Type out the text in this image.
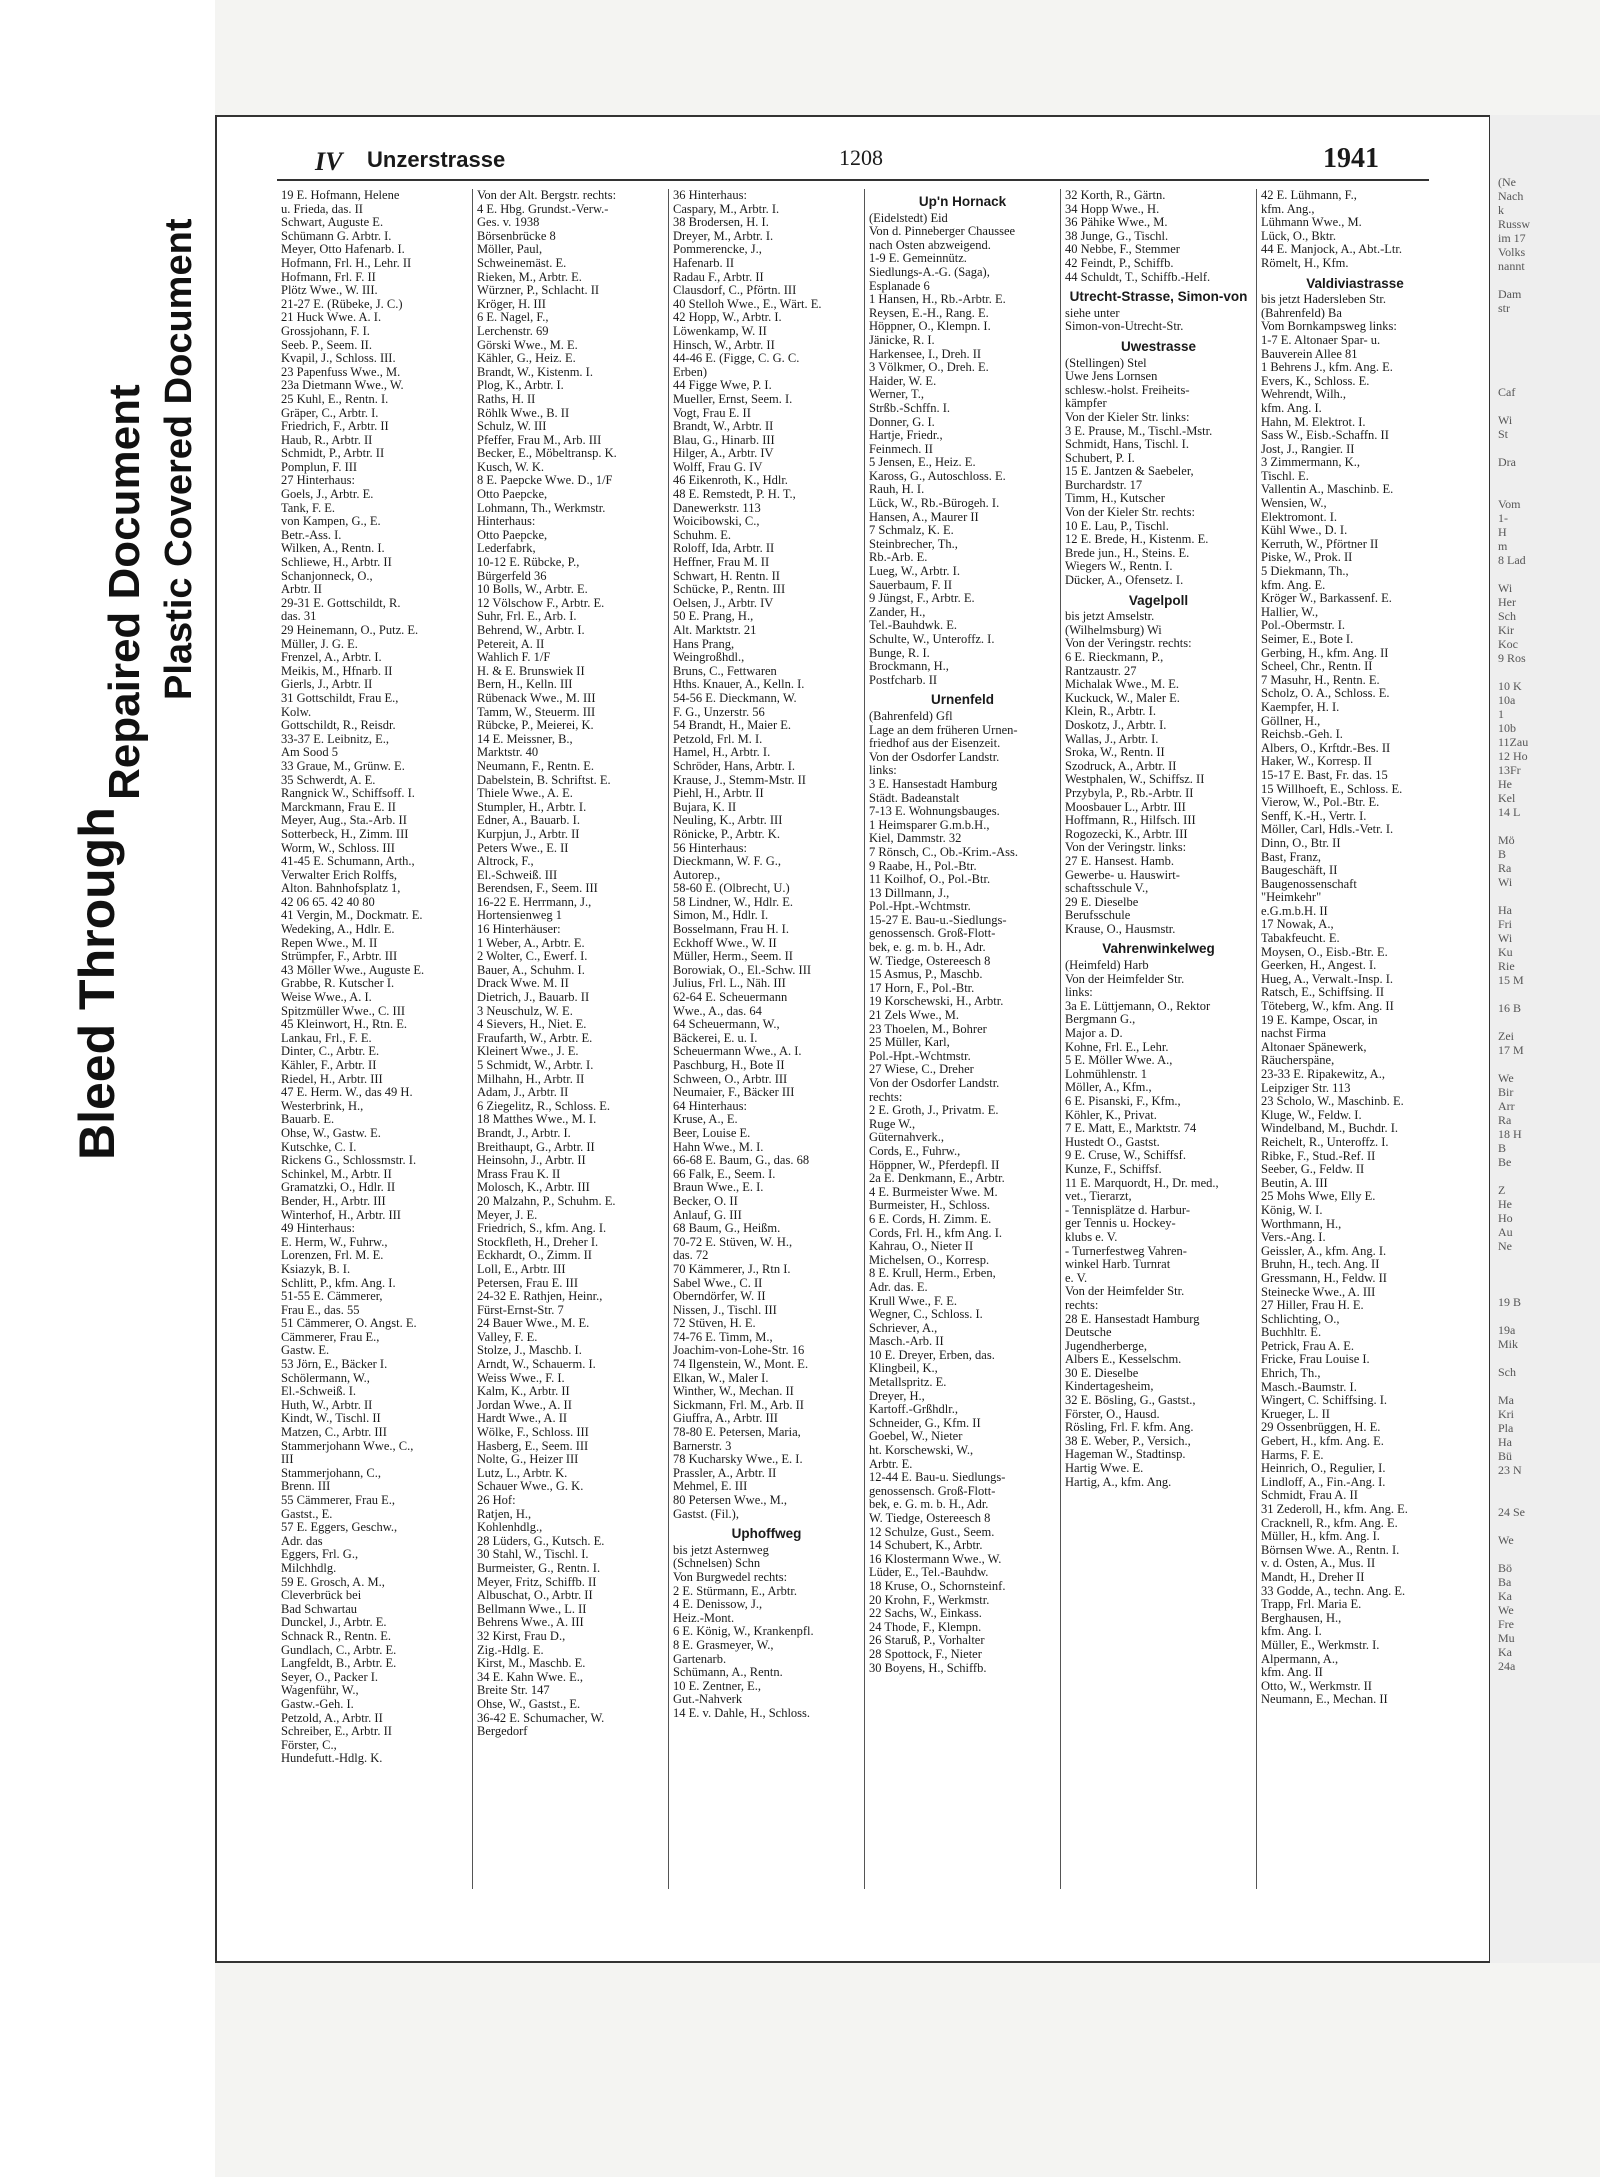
Bleed Through
Repaired Document Plastic Covered Document
IV Unzerstrasse	1208	1941
19 E. Hofmann, Helene
u. Frieda, das. II
Schwart, Auguste E.
Schümann G. Arbtr. I.
Meyer, Otto Hafenarb. I.
Hofmann, Frl. H., Lehr. II
Hofmann, Frl. F. II
Plötz Wwe., W. III.
21-27 E. (Rübeke, J. C.)
21 Huck Wwe. A. I.
Grossjohann, F. I.
Seeb. P., Seem. II.
Kvapil, J., Schloss. III.
23 Papenfuss Wwe., M.
23a Dietmann Wwe., W.
25 Kuhl, E., Rentn. I.
Gräper, C., Arbtr. I.
Friedrich, F., Arbtr. II
Haub, R., Arbtr. II
Schmidt, P., Arbtr. II
Pomplun, F. III
27 Hinterhaus:
Goels, J., Arbtr. E.
Tank, F. E.
von Kampen, G., E.
Betr.-Ass. I.
Wilken, A., Rentn. I.
Schliewe, H., Arbtr. II
Schanjonneck, O.,
Arbtr. II
29-31 E. Gottschildt, R.
das. 31
29 Heinemann, O., Putz. E.
Müller, J. G. E.
Frenzel, A., Arbtr. I.
Meikis, M., Hfnarb. II
Gierls, J., Arbtr. II
31 Gottschildt, Frau E.,
Kolw.
Gottschildt, R., Reisdr.
33-37 E. Leibnitz, E.,
Am Sood 5
33 Graue, M., Grünw. E.
35 Schwerdt, A. E.
Rangnick W., Schiffsoff. I.
Marckmann, Frau E. II
Meyer, Aug., Sta.-Arb. II
Sotterbeck, H., Zimm. III
Worm, W., Schloss. III
41-45 E. Schumann, Arth.,
Verwalter Erich Rolffs,
Alton. Bahnhofsplatz 1,
42 06 65. 42 40 80
41 Vergin, M., Dockmatr. E.
Wedeking, A., Hdlr. E.
Repen Wwe., M. II
Strümpfer, F., Arbtr. III
43 Möller Wwe., Auguste E.
Grabbe, R. Kutscher I.
Weise Wwe., A. I.
Spitzmüller Wwe., C. III
45 Kleinwort, H., Rtn. E.
Lankau, Frl., F. E.
Dinter, C., Arbtr. E.
Kähler, F., Arbtr. II
Riedel, H., Arbtr. III
47 E. Herm. W., das 49 H.
Westerbrink, H.,
Bauarb. E.
Ohse, W., Gastw. E.
Kutschke, C. I.
Rickens G., Schlossmstr. I.
Schinkel, M., Arbtr. II
Gramatzki, O., Hdlr. II
Bender, H., Arbtr. III
Winterhof, H., Arbtr. III
49 Hinterhaus:
E. Herm, W., Fuhrw.,
Lorenzen, Frl. M. E.
Ksiazyk, B. I.
Schlitt, P., kfm. Ang. I.
51-55 E. Cämmerer,
Frau E., das. 55
51 Cämmerer, O. Angst. E.
Cämmerer, Frau E.,
Gastw. E.
53 Jörn, E., Bäcker I.
Schölermann, W.,
El.-Schweiß. I.
Huth, W., Arbtr. II
Kindt, W., Tischl. II
Matzen, C., Arbtr. III
Stammerjohann Wwe., C.,
III
Stammerjohann, C.,
Brenn. III
55 Cämmerer, Frau E.,
Gastst., E.
57 E. Eggers, Geschw.,
Adr. das
Eggers, Frl. G.,
Milchhdlg.
59 E. Grosch, A. M.,
Cleverbrück bei
Bad Schwartau
Dunckel, J., Arbtr. E.
Schnack R., Rentn. E.
Gundlach, C., Arbtr. E.
Langfeldt, B., Arbtr. E.
Seyer, O., Packer I.
Wagenführ, W.,
Gastw.-Geh. I.
Petzold, A., Arbtr. II
Schreiber, E., Arbtr. II
Förster, C.,
Hundefutt.-Hdlg. K.
Von der Alt. Bergstr. rechts:
4 E. Hbg. Grundst.-Verw.-
Ges. v. 1938
Börsenbrücke 8
Möller, Paul,
Schweinemäst. E.
Rieken, M., Arbtr. E.
Würzner, P., Schlacht. II
Kröger, H. III
6 E. Nagel, F.,
Lerchenstr. 69
Görski Wwe., M. E.
Kähler, G., Heiz. E.
Brandt, W., Kistenm. I.
Plog, K., Arbtr. I.
Raths, H. II
Röhlk Wwe., B. II
Schulz, W. III
Pfeffer, Frau M., Arb. III
Becker, E., Möbeltransp. K.
Kusch, W. K.
8 E. Paepcke Wwe. D., 1/F
Otto Paepcke,
Lohmann, Th., Werkmstr.
Hinterhaus:
Otto Paepcke,
Lederfabrk,
10-12 E. Rübcke, P.,
Bürgerfeld 36
10 Bolls, W., Arbtr. E.
12 Völschow F., Arbtr. E.
Suhr, Frl. E., Arb. I.
Behrend, W., Arbtr. I.
Petereit, A. II
Wahlich F. 1/F
H. & E. Brunswiek II
Bern, H., Kelln. III
Rübenack Wwe., M. III
Tamm, W., Steuerm. III
Rübcke, P., Meierei, K.
14 E. Meissner, B.,
Marktstr. 40
Neumann, F., Rentn. E.
Dabelstein, B. Schriftst. E.
Thiele Wwe., A. E.
Stumpler, H., Arbtr. I.
Edner, A., Bauarb. I.
Kurpjun, J., Arbtr. II
Peters Wwe., E. II
Altrock, F.,
El.-Schweiß. III
Berendsen, F., Seem. III
16-22 E. Herrmann, J.,
Hortensienweg 1
16 Hinterhäuser:
1 Weber, A., Arbtr. E.
2 Wolter, C., Ewerf. I.
Bauer, A., Schuhm. I.
Drack Wwe. M. II
Dietrich, J., Bauarb. II
3 Neuschulz, W. E.
4 Sievers, H., Niet. E.
Fraufarth, W., Arbtr. E.
Kleinert Wwe., J. E.
5 Schmidt, W., Arbtr. I.
Milhahn, H., Arbtr. II
Adam, J., Arbtr. II
6 Ziegelitz, R., Schloss. E.
18 Matthes Wwe., M. I.
Brandt, J., Arbtr. I.
Breithaupt, G., Arbtr. II
Heinsohn, J., Arbtr. II
Mrass Frau K. II
Molosch, K., Arbtr. III
20 Malzahn, P., Schuhm. E.
Meyer, J. E.
Friedrich, S., kfm. Ang. I.
Stockfleth, H., Dreher I.
Eckhardt, O., Zimm. II
Loll, E., Arbtr. III
Petersen, Frau E. III
24-32 E. Rathjen, Heinr.,
Fürst-Ernst-Str. 7
24 Bauer Wwe., M. E.
Valley, F. E.
Stolze, J., Maschb. I.
Arndt, W., Schauerm. I.
Weiss Wwe., F. I.
Kalm, K., Arbtr. II
Jordan Wwe., A. II
Hardt Wwe., A. II
Wölke, F., Schloss. III
Hasberg, E., Seem. III
Nolte, G., Heizer III
Lutz, L., Arbtr. K.
Schauer Wwe., G. K.
26 Hof:
Ratjen, H.,
Kohlenhdlg.,
28 Lüders, G., Kutsch. E.
30 Stahl, W., Tischl. I.
Burmeister, G., Rentn. I.
Meyer, Fritz, Schiffb. II
Albuschat, O., Arbtr. II
Bellmann Wwe., L. II
Behrens Wwe., A. III
32 Kirst, Frau D.,
Zig.-Hdlg. E.
Kirst, M., Maschb. E.
34 E. Kahn Wwe. E.,
Breite Str. 147
Ohse, W., Gastst., E.
36-42 E. Schumacher, W.
Bergedorf
36 Hinterhaus:
Caspary, M., Arbtr. I.
38 Brodersen, H. I.
Dreyer, M., Arbtr. I.
Pommerencke, J.,
Hafenarb. II
Radau F., Arbtr. II
Clausdorf, C., Pförtn. III
40 Stelloh Wwe., E., Wärt. E.
42 Hopp, W., Arbtr. I.
Löwenkamp, W. II
Hinsch, W., Arbtr. II
44-46 E. (Figge, C. G. C.
Erben)
44 Figge Wwe, P. I.
Mueller, Ernst, Seem. I.
Vogt, Frau E. II
Brandt, W., Arbtr. II
Blau, G., Hinarb. III
Hilger, A., Arbtr. IV
Wolff, Frau G. IV
46 Eikenroth, K., Hdlr.
48 E. Remstedt, P. H. T.,
Danewerkstr. 113
Woicibowski, C.,
Schuhm. E.
Roloff, Ida, Arbtr. II
Heffner, Frau M. II
Schwart, H. Rentn. II
Schücke, P., Rentn. III
Oelsen, J., Arbtr. IV
50 E. Prang, H.,
Alt. Marktstr. 21
Hans Prang,
Weingroßhdl.,
Bruns, C., Fettwaren
Hths. Knauer, A., Kelln. I.
54-56 E. Dieckmann, W.
F. G., Unzerstr. 56
54 Brandt, H., Maier E.
Petzold, Frl. M. I.
Hamel, H., Arbtr. I.
Schröder, Hans, Arbtr. I.
Krause, J., Stemm-Mstr. II
Piehl, H., Arbtr. II
Bujara, K. II
Neuling, K., Arbtr. III
Rönicke, P., Arbtr. K.
56 Hinterhaus:
Dieckmann, W. F. G.,
Autorep.,
58-60 E. (Olbrecht, U.)
58 Lindner, W., Hdlr. E.
Simon, M., Hdlr. I.
Bosselmann, Frau H. I.
Eckhoff Wwe., W. II
Müller, Herm., Seem. II
Borowiak, O., El.-Schw. III
Julius, Frl. L., Näh. III
62-64 E. Scheuermann
Wwe., A., das. 64
64 Scheuermann, W.,
Bäckerei, E. u. I.
Scheuermann Wwe., A. I.
Paschburg, H., Bote II
Schween, O., Arbtr. III
Neumaier, F., Bäcker III
64 Hinterhaus:
Kruse, A., E.
Beer, Louise E.
Hahn Wwe., M. I.
66-68 E. Baum, G., das. 68
66 Falk, E., Seem. I.
Braun Wwe., E. I.
Becker, O. II
Anlauf, G. III
68 Baum, G., Heißm.
70-72 E. Stüven, W. H.,
das. 72
70 Kämmerer, J., Rtn I.
Sabel Wwe., C. II
Oberndörfer, W. II
Nissen, J., Tischl. III
72 Stüven, H. E.
74-76 E. Timm, M.,
Joachim-von-Lohe-Str. 16
74 Ilgenstein, W., Mont. E.
Elkan, W., Maler I.
Winther, W., Mechan. II
Sickmann, Frl. M., Arb. II
Giuffra, A., Arbtr. III
78-80 E. Petersen, Maria,
Barnerstr. 3
78 Kucharsky Wwe., E. I.
Prassler, A., Arbtr. II
Mehmel, E. III
80 Petersen Wwe., M.,
Gastst. (Fil.),
Uphoffweg
bis jetzt Asternweg
(Schnelsen) Schn
Von Burgwedel rechts:
2 E. Stürmann, E., Arbtr.
4 E. Denissow, J.,
Heiz.-Mont.
6 E. König, W., Krankenpfl.
8 E. Grasmeyer, W.,
Gartenarb.
Schümann, A., Rentn.
10 E. Zentner, E.,
Gut.-Nahverk
14 E. v. Dahle, H., Schloss.
Up'n Hornack
(Eidelstedt) Eid
Von d. Pinneberger Chaussee
nach Osten abzweigend.
1-9 E. Gemeinnütz.
Siedlungs-A.-G. (Saga),
Esplanade 6
1 Hansen, H., Rb.-Arbtr. E.
Reysen, E.-H., Rang. E.
Höppner, O., Klempn. I.
Jänicke, R. I.
Harkensee, I., Dreh. II
3 Völkmer, O., Dreh. E.
Haider, W. E.
Werner, T.,
Strßb.-Schffn. I.
Donner, G. I.
Hartje, Friedr.,
Feinmech. II
5 Jensen, E., Heiz. E.
Kaross, G., Autoschloss. E.
Rauh, H. I.
Lück, W., Rb.-Bürogeh. I.
Hansen, A., Maurer II
7 Schmalz, K. E.
Steinbrecher, Th.,
Rb.-Arb. E.
Lueg, W., Arbtr. I.
Sauerbaum, F. II
9 Jüngst, F., Arbtr. E.
Zander, H.,
Tel.-Bauhdwk. E.
Schulte, W., Unteroffz. I.
Bunge, R. I.
Brockmann, H.,
Postfcharb. II
Urnenfeld
(Bahrenfeld) Gfl
Lage an dem früheren Urnen-
friedhof aus der Eisenzeit.
Von der Osdorfer Landstr.
links:
3 E. Hansestadt Hamburg
Städt. Badeanstalt
7-13 E. Wohnungsbauges.
1 Heimsparer G.m.b.H.,
Kiel, Dammstr. 32
7 Rönsch, C., Ob.-Krim.-Ass.
9 Raabe, H., Pol.-Btr.
11 Koilhof, O., Pol.-Btr.
13 Dillmann, J.,
Pol.-Hpt.-Wchtmstr.
15-27 E. Bau-u.-Siedlungs-
genossensch. Groß-Flott-
bek, e. g. m. b. H., Adr.
W. Tiedge, Ostereesch 8
15 Asmus, P., Maschb.
17 Horn, F., Pol.-Btr.
19 Korschewski, H., Arbtr.
21 Zels Wwe., M.
23 Thoelen, M., Bohrer
25 Müller, Karl,
Pol.-Hpt.-Wchtmstr.
27 Wiese, C., Dreher
Von der Osdorfer Landstr.
rechts:
2 E. Groth, J., Privatm. E.
Ruge W.,
Güternahverk.,
Cords, E., Fuhrw.,
Höppner, W., Pferdepfl. II
2a E. Denkmann, E., Arbtr.
4 E. Burmeister Wwe. M.
Burmeister, H., Schloss.
6 E. Cords, H. Zimm. E.
Cords, Frl. H., kfm Ang. I.
Kahrau, O., Nieter II
Michelsen, O., Korresp.
8 E. Krull, Herm., Erben,
Adr. das. E.
Krull Wwe., F. E.
Wegner, C., Schloss. I.
Schriever, A.,
Masch.-Arb. II
10 E. Dreyer, Erben, das.
Klingbeil, K.,
Metallspritz. E.
Dreyer, H.,
Kartoff.-Grßhdlr.,
Schneider, G., Kfm. II
Goebel, W., Nieter
ht. Korschewski, W.,
Arbtr. E.
12-44 E. Bau-u. Siedlungs-
genossensch. Groß-Flott-
bek, e. G. m. b. H., Adr.
W. Tiedge, Ostereesch 8
12 Schulze, Gust., Seem.
14 Schubert, K., Arbtr.
16 Klostermann Wwe., W.
Lüder, E., Tel.-Bauhdw.
18 Kruse, O., Schornsteinf.
20 Krohn, F., Werkmstr.
22 Sachs, W., Einkass.
24 Thode, F., Klempn.
26 Staruß, P., Vorhalter
28 Spottock, F., Nieter
30 Boyens, H., Schiffb.
32 Korth, R., Gärtn.
34 Hopp Wwe., H.
36 Pähike Wwe., M.
38 Junge, G., Tischl.
40 Nebbe, F., Stemmer
42 Feindt, P., Schiffb.
44 Schuldt, T., Schiffb.-Helf.
Utrecht-Strasse, Simon-von
siehe unter
Simon-von-Utrecht-Str.
Uwestrasse
(Stellingen) Stel
Uwe Jens Lornsen
schlesw.-holst. Freiheits-
kämpfer
Von der Kieler Str. links:
3 E. Prause, M., Tischl.-Mstr.
Schmidt, Hans, Tischl. I.
Schubert, P. I.
15 E. Jantzen & Saebeler,
Burchardstr. 17
Timm, H., Kutscher
Von der Kieler Str. rechts:
10 E. Lau, P., Tischl.
12 E. Brede, H., Kistenm. E.
Brede jun., H., Steins. E.
Wiegers W., Rentn. I.
Dücker, A., Ofensetz. I.
Vagelpoll
bis jetzt Amselstr.
(Wilhelmsburg) Wi
Von der Veringstr. rechts:
6 E. Rieckmann, P.,
Rantzaustr. 27
Michalak Wwe., M. E.
Kuckuck, W., Maler E.
Klein, R., Arbtr. I.
Doskotz, J., Arbtr. I.
Wallas, J., Arbtr. I.
Sroka, W., Rentn. II
Szodruck, A., Arbtr. II
Westphalen, W., Schiffsz. II
Przybyla, P., Rb.-Arbtr. II
Moosbauer L., Arbtr. III
Hoffmann, R., Hilfsch. III
Rogozecki, K., Arbtr. III
Von der Veringstr. links:
27 E. Hansest. Hamb.
Gewerbe- u. Hauswirt-
schaftsschule V.,
29 E. Dieselbe
Berufsschule
Krause, O., Hausmstr.
Vahrenwinkelweg
(Heimfeld) Harb
Von der Heimfelder Str.
links:
3a E. Lüttjemann, O., Rektor
Bergmann G.,
Major a. D.
Kohne, Frl. E., Lehr.
5 E. Möller Wwe. A.,
Lohmühlenstr. 1
Möller, A., Kfm.,
6 E. Pisanski, F., Kfm.,
Köhler, K., Privat.
7 E. Matt, E., Marktstr. 74
Hustedt O., Gastst.
9 E. Cruse, W., Schiffsf.
Kunze, F., Schiffsf.
11 E. Marquordt, H., Dr. med.,
vet., Tierarzt,
- Tennisplätze d. Harbur-
ger Tennis u. Hockey-
klubs e. V.
- Turnerfestweg Vahren-
winkel Harb. Turnrat
e. V.
Von der Heimfelder Str.
rechts:
28 E. Hansestadt Hamburg
Deutsche
Jugendherberge,
Albers E., Kesselschm.
30 E. Dieselbe
Kindertagesheim,
32 E. Bösling, G., Gastst.,
Förster, O., Hausd.
Rösling, Frl. F. kfm. Ang.
38 E. Weber, P., Versich.,
Hageman W., Stadtinsp.
Hartig Wwe. E.
Hartig, A., kfm. Ang.
42 E. Lühmann, F.,
kfm. Ang.,
Lühmann Wwe., M.
Lück, O., Bktr.
44 E. Manjock, A., Abt.-Ltr.
Römelt, H., Kfm.
Valdiviastrasse
bis jetzt Hadersleben Str.
(Bahrenfeld) Ba
Vom Bornkampsweg links:
1-7 E. Altonaer Spar- u.
Bauverein Allee 81
1 Behrens J., kfm. Ang. E.
Evers, K., Schloss. E.
Wehrendt, Wilh.,
kfm. Ang. I.
Hahn, M. Elektrot. I.
Sass W., Eisb.-Schaffn. II
Jost, J., Rangier. II
3 Zimmermann, K.,
Tischl. E.
Vallentin A., Maschinb. E.
Wensien, W.,
Elektromont. I.
Kühl Wwe., D. I.
Kerruth, W., Pförtner II
Piske, W., Prok. II
5 Diekmann, Th.,
kfm. Ang. E.
Kröger W., Barkassenf. E.
Hallier, W.,
Pol.-Obermstr. I.
Seimer, E., Bote I.
Gerbing, H., kfm. Ang. II
Scheel, Chr., Rentn. II
7 Masuhr, H., Rentn. E.
Scholz, O. A., Schloss. E.
Kaempfer, H. I.
Göllner, H.,
Reichsb.-Geh. I.
Albers, O., Krftdr.-Bes. II
Haker, W., Korresp. II
15-17 E. Bast, Fr. das. 15
15 Willhoeft, E., Schloss. E.
Vierow, W., Pol.-Btr. E.
Senff, K.-H., Vertr. I.
Möller, Carl, Hdls.-Vetr. I.
Dinn, O., Btr. II
Bast, Franz,
Baugeschäft, II
Baugenossenschaft
"Heimkehr"
e.G.m.b.H. II
17 Nowak, A.,
Tabakfeucht. E.
Moysen, O., Eisb.-Btr. E.
Geerken, H., Angest. I.
Hueg, A., Verwalt.-Insp. I.
Ratsch, E., Schiffsing. II
Töteberg, W., kfm. Ang. II
19 E. Kampe, Oscar, in
nachst Firma
Altonaer Spänewerk,
Räucherspäne,
23-33 E. Ripakewitz, A.,
Leipziger Str. 113
23 Scholo, W., Maschinb. E.
Kluge, W., Feldw. I.
Windelband, M., Buchdr. I.
Reichelt, R., Unteroffz. I.
Ribke, F., Stud.-Ref. II
Seeber, G., Feldw. II
Beutin, A. III
25 Mohs Wwe, Elly E.
König, W. I.
Worthmann, H.,
Vers.-Ang. I.
Geissler, A., kfm. Ang. I.
Bruhn, H., tech. Ang. II
Gressmann, H., Feldw. II
Steinecke Wwe., A. III
27 Hiller, Frau H. E.
Schlichting, O.,
Buchhltr. E.
Petrick, Frau A. E.
Fricke, Frau Louise I.
Ehrich, Th.,
Masch.-Baumstr. I.
Wingert, C. Schiffsing. I.
Krueger, L. II
29 Ossenbrüggen, H. E.
Gebert, H., kfm. Ang. E.
Harms, F. E.
Heinrich, O., Regulier, I.
Lindloff, A., Fin.-Ang. I.
Schmidt, Frau A. II
31 Zederoll, H., kfm. Ang. E.
Cracknell, R., kfm. Ang. E.
Müller, H., kfm. Ang. I.
Börnsen Wwe. A., Rentn. I.
v. d. Osten, A., Mus. II
Mandt, H., Dreher II
33 Godde, A., techn. Ang. E.
Trapp, Frl. Maria E.
Berghausen, H.,
kfm. Ang. I.
Müller, E., Werkmstr. I.
Alpermann, A.,
kfm. Ang. II
Otto, W., Werkmstr. II
Neumann, E., Mechan. II
(Ne
Nach
k
Russw
im 17
Volks
nannt

Dam
str

Caf

Wi
St

Dra

Vom
1-
H
m
8 Lad

Wi
Her
Sch
Kir
Koc
9 Ros

10 K
10a
1
10b
11Zau
12 Ho
13Fr
He
Kel
14 L

Mö
B
Ra
Wi

Ha
Fri
Wi
Ku
Rie
15 M

16 B

Zei
17 M

We
Bir
Arr
Ra
18 H
B
Be

Z
He
Ho
Au
Ne

19 B

19a
Mik

Sch

Ma
Kri
Pla
Ha
Bü
23 N

24 Se

We

Bö
Ba
Ka
We
Fre
Mu
Ka
24a
